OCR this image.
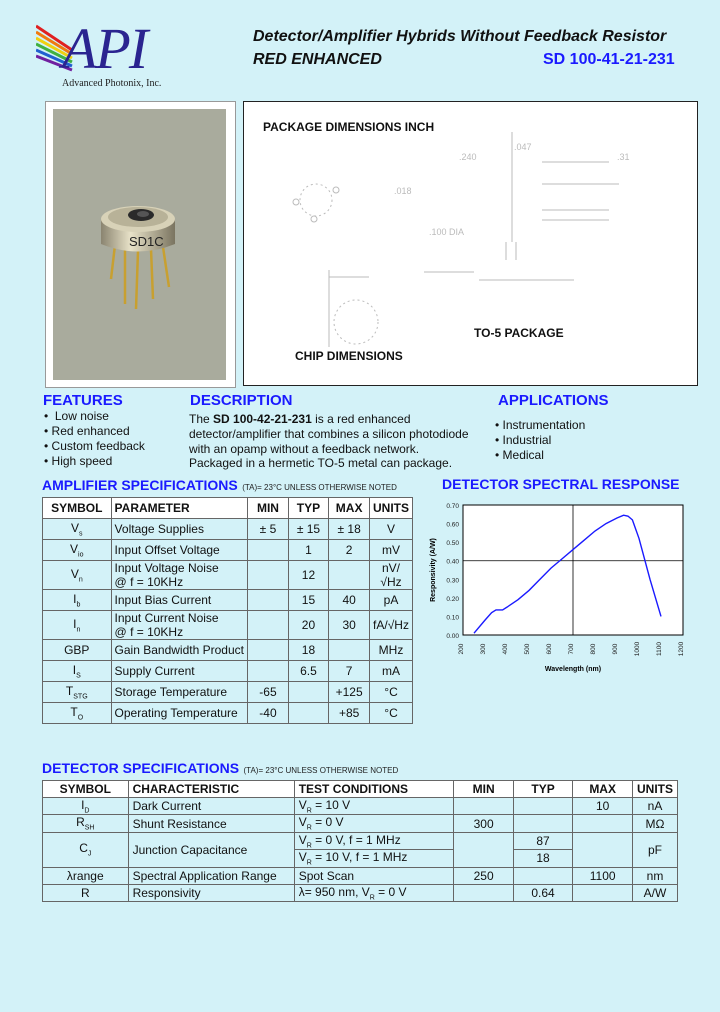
API
Advanced Photonix, Inc.
Detector/Amplifier Hybrids Without Feedback Resistor
RED ENHANCED	SD 100-41-21-231
SD1C
PACKAGE DIMENSIONS INCH
.240
.047
.31
.100 DIA
.018
TO-5 PACKAGE
CHIP DIMENSIONS
FEATURES
•  Low noise
• Red enhanced
• Custom feedback
• High speed
DESCRIPTION
The SD 100-42-21-231 is a red enhanced
detector/amplifier that combines a silicon photodiode
with an opamp without a feedback network.
Packaged in a hermetic TO-5 metal can package.
APPLICATIONS
• Instrumentation
• Industrial
• Medical
AMPLIFIER SPECIFICATIONS (TA)= 23°C UNLESS OTHERWISE NOTED
SYMBOL	PARAMETER	MIN	TYP	MAX	UNITS
$V_s$	Voltage Supplies	± 5	± 15	± 18	V
$V_{io}$	Input Offset Voltage		1	2	mV
$V_n$	Input Voltage Noise
@ f = 10KHz		12		nV/√Hz
$I_b$	Input Bias Current		15	40	pA
$I_n$	Input Current Noise
@ f = 10KHz		20	30	fA/√Hz
GBP	Gain Bandwidth Product		18		MHz
$I_S$	Supply Current		6.5	7	mA
$T_{STG}$	Storage Temperature	-65		+125	°C
$T_O$	Operating Temperature	-40		+85	°C
DETECTOR SPECTRAL RESPONSE
0.00
0.10
0.20
0.30
0.40
0.50
0.60
0.70
200 300 400 500 600 700 800 900 1000 1100 1200
Wavelength (nm)
Responsivity (A/W)
DETECTOR SPECIFICATIONS (TA)= 23°C UNLESS OTHERWISE NOTED
SYMBOL	CHARACTERISTIC	TEST CONDITIONS	MIN	TYP	MAX	UNITS
$I_D$	Dark Current	$V_R = 10$ V			10	nA
$R_{SH}$	Shunt Resistance	$V_R = 0$ V	300			MΩ
$C_J$	Junction Capacitance	$V_R = 0$ V, f = 1 MHz		87		pF
		$V_R = 10$ V, f = 1 MHz		18		
λrange	Spectral Application Range	Spot Scan	250		1100	nm
R	Responsivity	λ= 950 nm, $V_R = 0$ V		0.64		A/W
